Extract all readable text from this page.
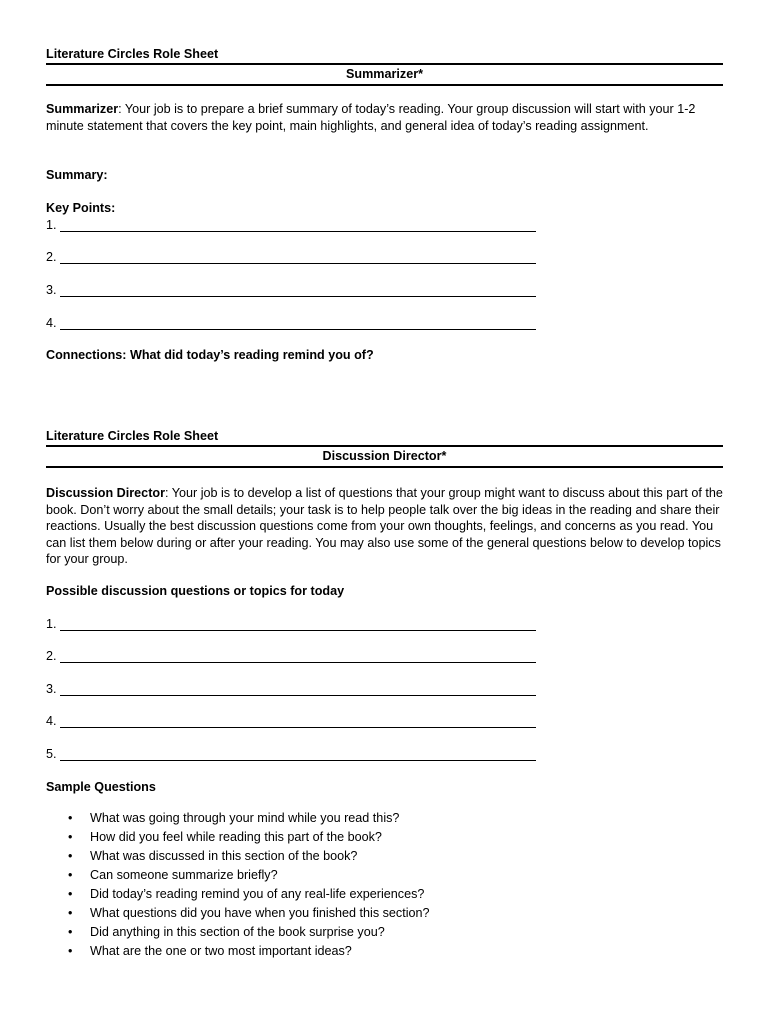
Literature Circles Role Sheet

Summarizer*

Summarizer: Your job is to prepare a brief summary of today’s reading. Your group discussion will start with your 1-2 minute statement that covers the key point, main highlights, and general idea of today’s reading assignment.

Summary:

Key Points:

1.
2.
3.
4.

Connections: What did today’s reading remind you of?

Literature Circles Role Sheet

Discussion Director*

Discussion Director: Your job is to develop a list of questions that your group might want to discuss about this part of the book. Don’t worry about the small details; your task is to help people talk over the big ideas in the reading and share their reactions. Usually the best discussion questions come from your own thoughts, feelings, and concerns as you read. You can list them below during or after your reading. You may also use some of the general questions below to develop topics for your group.

Possible discussion questions or topics for today

1.
2.
3.
4.
5.

Sample Questions

• What was going through your mind while you read this?
• How did you feel while reading this part of the book?
• What was discussed in this section of the book?
• Can someone summarize briefly?
• Did today’s reading remind you of any real-life experiences?
• What questions did you have when you finished this section?
• Did anything in this section of the book surprise you?
• What are the one or two most important ideas?
